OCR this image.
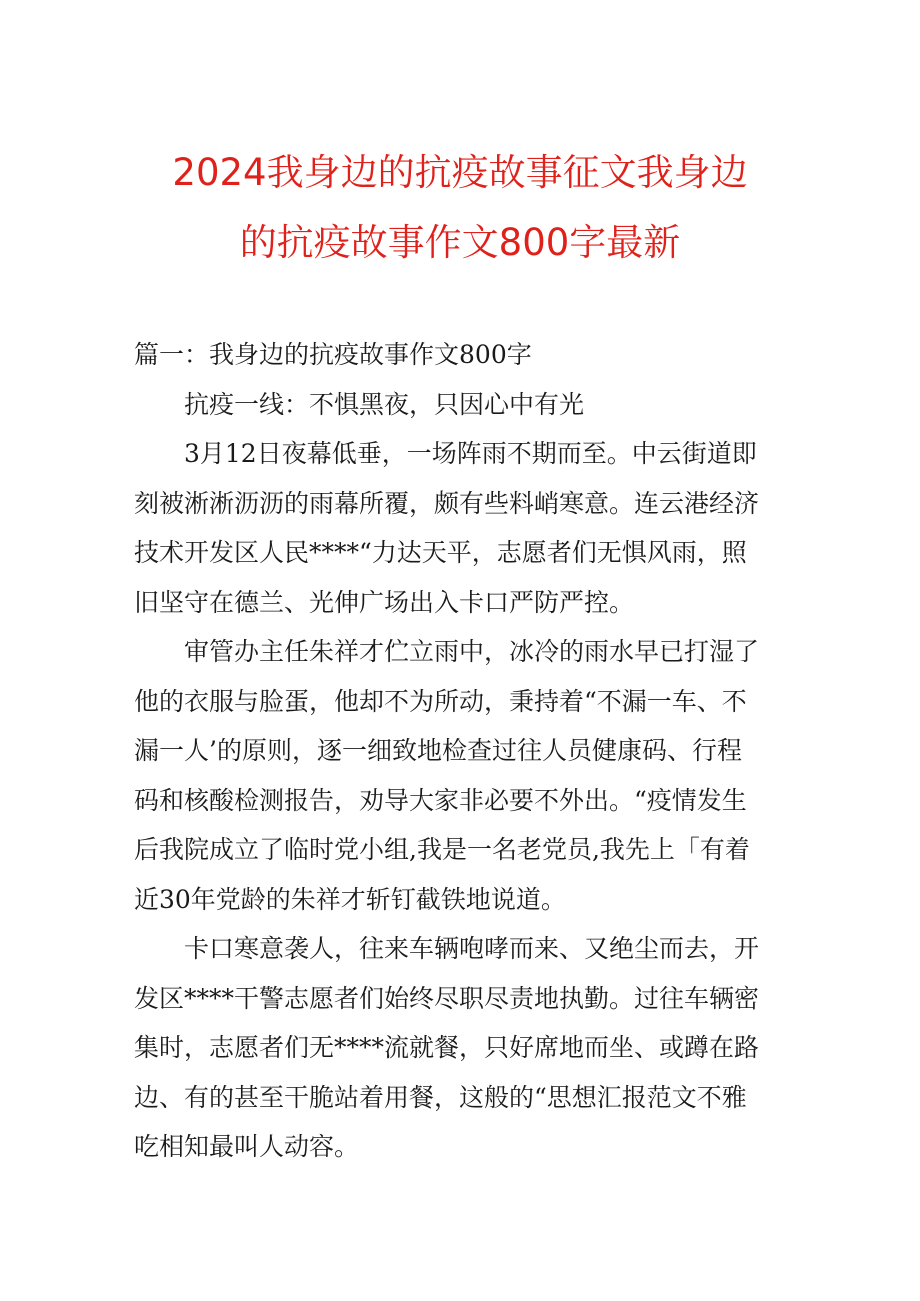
2024我身边的抗疫故事征文我身边
的抗疫故事作文800字最新

篇一：我身边的抗疫故事作文800字

抗疫一线：不惧黑夜，只因心中有光

3月12日夜幕低垂，一场阵雨不期而至。中云街道即
刻被淅淅沥沥的雨幕所覆，颇有些料峭寒意。连云港经济
技术开发区人民****“力达天平，志愿者们无惧风雨，照
旧坚守在德兰、光伸广场出入卡口严防严控。

审管办主任朱祥才伫立雨中，冰冷的雨水早已打湿了
他的衣服与脸蛋，他却不为所动，秉持着“不漏一车、不
漏一人’的原则，逐一细致地检查过往人员健康码、行程
码和核酸检测报告，劝导大家非必要不外出。“疫情发生
后我院成立了临时党小组,我是一名老党员,我先上「有着
近30年党龄的朱祥才斩钉截铁地说道。

卡口寒意袭人，往来车辆咆哮而来、又绝尘而去，开
发区****干警志愿者们始终尽职尽责地执勤。过往车辆密
集时，志愿者们无****流就餐，只好席地而坐、或蹲在路
边、有的甚至干脆站着用餐，这般的“思想汇报范文不雅
吃相知最叫人动容。
